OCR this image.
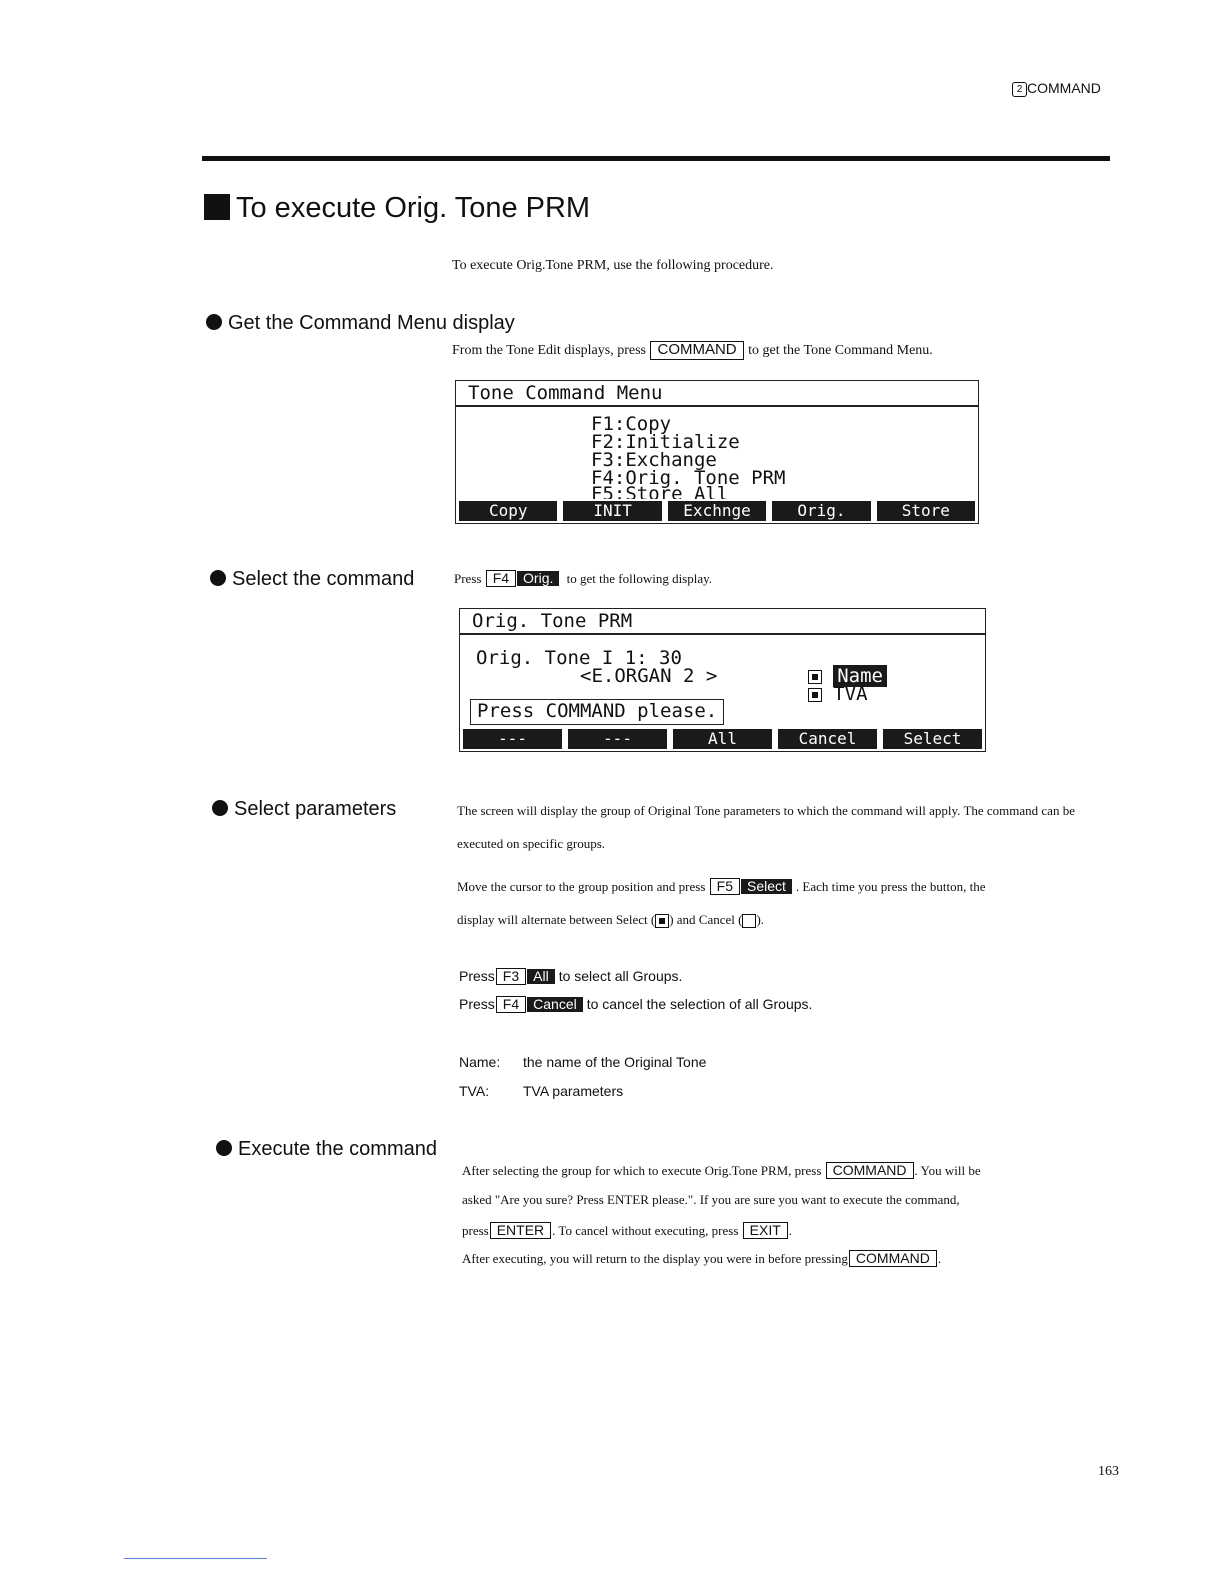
2 COMMAND
To execute Orig. Tone PRM
To execute Orig.Tone PRM, use the following procedure.
Get the Command Menu display
From the Tone Edit displays, press COMMAND to get the Tone Command Menu.
Tone Command Menu
F1:Copy
F2:Initialize
F3:Exchange
F4:Orig. Tone PRM
F5:Store All
Copy	INIT	Exchnge	Orig.	Store
Select the command	Press F4 Orig. to get the following display.
Orig. Tone PRM
Orig. Tone I 1: 30
<E.ORGAN 2 >	Name

TVA

Press COMMAND please.
---	---	All	Cancel	Select
Select parameters	The screen will display the group of Original Tone parameters to which the command will apply. The command can be executed on specific groups.
Move the cursor to the group position and press F5 Select . Each time you press the button, the
display will alternate between Select ( ) and Cancel ( ).
Press F3 All to select all Groups.
Press F4 Cancel to cancel the selection of all Groups.
Name: the name of the Original Tone
TVA: TVA parameters
Execute the command
After selecting the group for which to execute Orig.Tone PRM, press COMMAND . You will be
asked "Are you sure? Press ENTER please.". If you are sure you want to execute the command,
press ENTER . To cancel without executing, press EXIT .
After executing, you will return to the display you were in before pressing COMMAND .
163
